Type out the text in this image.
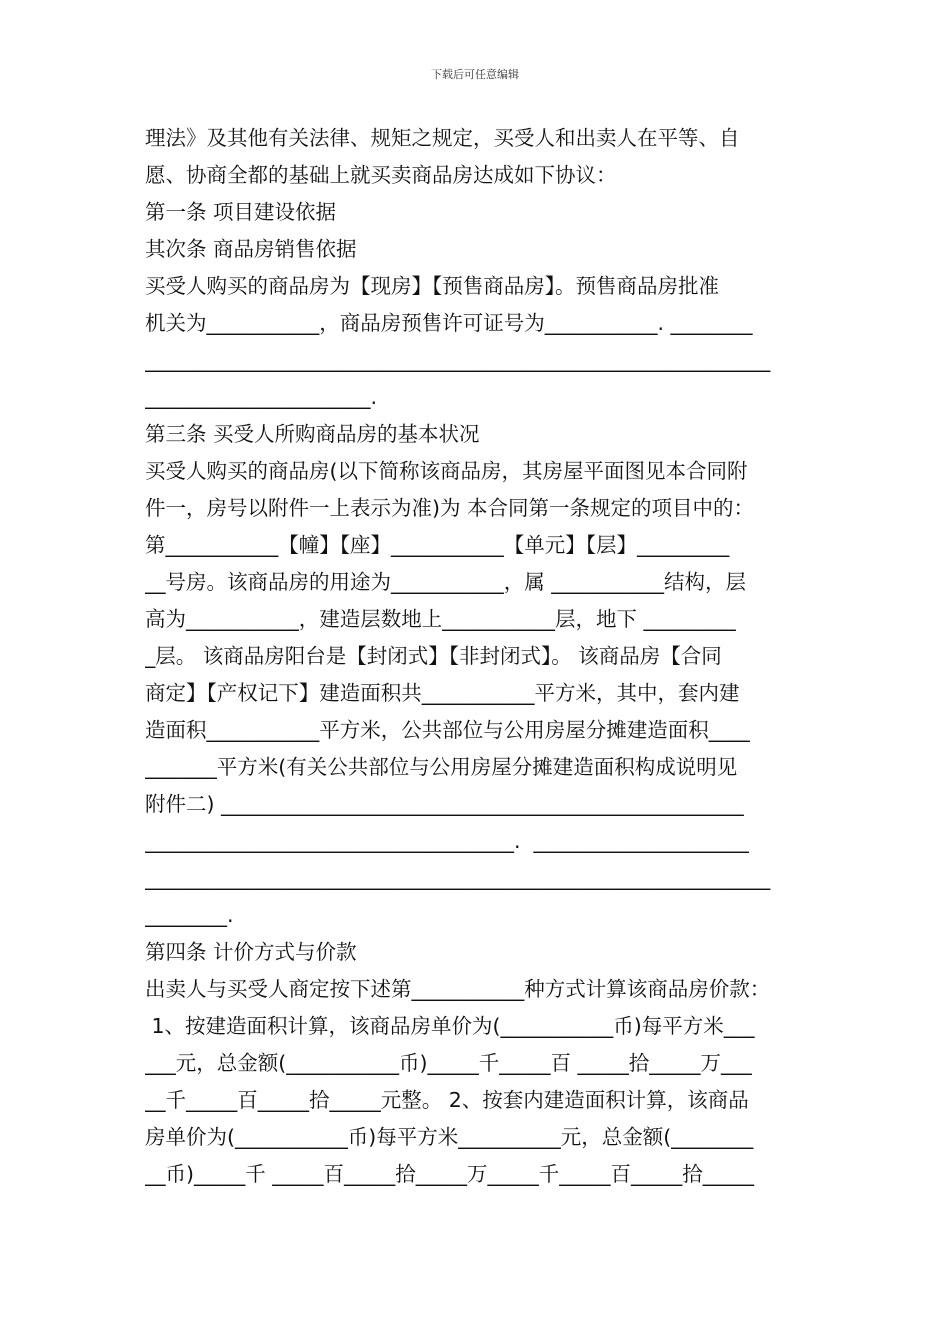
下载后可任意编辑
理法》及其他有关法律、规矩之规定，买受人和出卖人在平等、自
愿、协商全都的基础上就买卖商品房达成如下协议：
第一条 项目建设依据
其次条 商品房销售依据
买受人购买的商品房为【现房】【预售商品房】。预售商品房批准
机关为___________，商品房预售许可证号为___________. ________
_____________________________________________________________
______________________.
第三条 买受人所购商品房的基本状况
买受人购买的商品房(以下简称该商品房，其房屋平面图见本合同附
件一，房号以附件一上表示为准)为 本合同第一条规定的项目中的：
第___________【幢】【座】___________【单元】【层】_________
__号房。该商品房的用途为___________，属 ___________结构，层
高为___________，建造层数地上___________层，地下 _________
_层。 该商品房阳台是【封闭式】【非封闭式】。 该商品房【合同
商定】【产权记下】建造面积共___________平方米，其中，套内建
造面积___________平方米，公共部位与公用房屋分摊建造面积____
_______平方米(有关公共部位与公用房屋分摊建造面积构成说明见
附件二) ___________________________________________________
____________________________________.  _____________________
_____________________________________________________________
________.
第四条 计价方式与价款
出卖人与买受人商定按下述第___________种方式计算该商品房价款：
1、按建造面积计算，该商品房单价为(___________币)每平方米___
___元，总金额(___________币)_____千_____百 _____拾_____万___
__千_____百_____拾_____元整。 2、按套内建造面积计算，该商品
房单价为(___________币)每平方米__________元，总金额(________
__币)_____千 _____百_____拾_____万_____千_____百_____拾_____
